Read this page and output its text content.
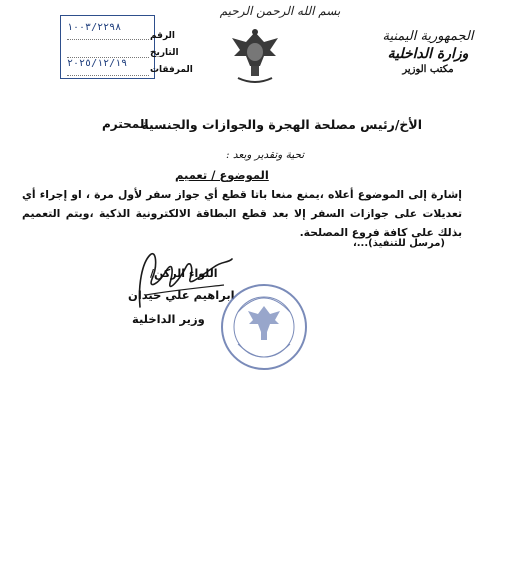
بسم الله الرحمن الرحيم
الجمهورية اليمنية
وزارة الداخلية
مكتب الوزير
١٠٠٣/٢٢٩٨
٢٠٢٥/١٢/١٩
الرقم
التاريخ
المرفقات
الأخ/رئيس مصلحة الهجرة والجوازات والجنسية
المحترم
تحية وتقدير وبعد :
الموضوع / تعميم
إشارة إلى الموضوع أعلاه ،يمنع منعا باتا قطع أي جواز سفر لأول مرة ، او إجراء أي تعديلات على جوازات السفر إلا بعد قطع البطاقة الالكترونية الذكية ،ويتم التعميم بذلك على كافة فروع المصلحة.
(مرسل للتنفيذ)...،
اللواء الركن/
ابراهيم علي حيدان
وزير الداخلية
